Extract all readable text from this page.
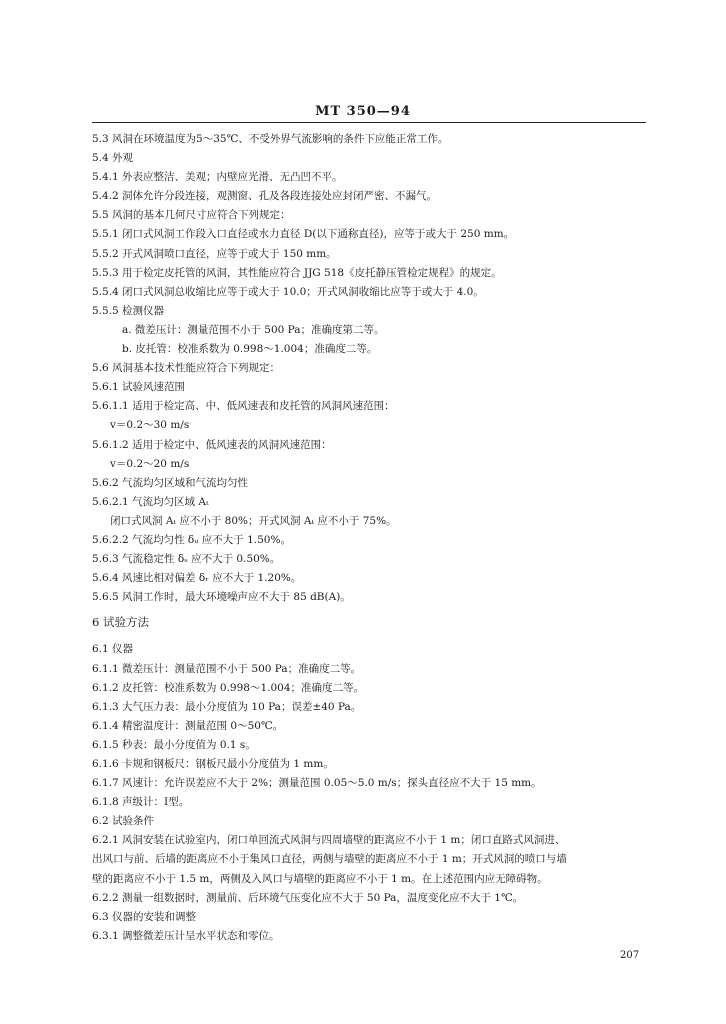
MT 350—94
5.3 风洞在环境温度为5～35℃、不受外界气流影响的条件下应能正常工作。
5.4 外观
5.4.1 外表应整洁、美观；内壁应光滑、无凸凹不平。
5.4.2 洞体允许分段连接，观测窗、孔及各段连接处应封闭严密、不漏气。
5.5 风洞的基本几何尺寸应符合下列规定：
5.5.1 闭口式风洞工作段入口直径或水力直径 D(以下通称直径)，应等于或大于 250 mm。
5.5.2 开式风洞喷口直径，应等于或大于 150 mm。
5.5.3 用于检定皮托管的风洞，其性能应符合 JJG 518《皮托静压管检定规程》的规定。
5.5.4 闭口式风洞总收缩比应等于或大于 10.0；开式风洞收缩比应等于或大于 4.0。
5.5.5 检测仪器
a. 微差压计：测量范围不小于 500 Pa；准确度第二等。
b. 皮托管：校准系数为 0.998～1.004；准确度二等。
5.6 风洞基本技术性能应符合下列规定：
5.6.1 试验风速范围
5.6.1.1 适用于检定高、中、低风速表和皮托管的风洞风速范围：
v＝0.2～30 m/s
5.6.1.2 适用于检定中、低风速表的风洞风速范围：
v＝0.2～20 m/s
5.6.2 气流均匀区域和气流均匀性
5.6.2.1 气流均匀区域 Aₜ
闭口式风洞 Aₜ 应不小于 80%；开式风洞 Aₜ 应不小于 75%。
5.6.2.2 气流均匀性 δᵤ 应不大于 1.50%。
5.6.3 气流稳定性 δₛ 应不大于 0.50%。
5.6.4 风速比相对偏差 δᵣ 应不大于 1.20%。
5.6.5 风洞工作时，最大环境噪声应不大于 85 dB(A)。
6 试验方法
6.1 仪器
6.1.1 微差压计：测量范围不小于 500 Pa；准确度二等。
6.1.2 皮托管：校准系数为 0.998～1.004；准确度二等。
6.1.3 大气压力表：最小分度值为 10 Pa；误差±40 Pa。
6.1.4 精密温度计：测量范围 0～50℃。
6.1.5 秒表：最小分度值为 0.1 s。
6.1.6 卡规和钢板尺：钢板尺最小分度值为 1 mm。
6.1.7 风速计：允许误差应不大于 2%；测量范围 0.05～5.0 m/s；探头直径应不大于 15 mm。
6.1.8 声级计：Ⅰ型。
6.2 试验条件
6.2.1 风洞安装在试验室内，闭口单回流式风洞与四周墙壁的距离应不小于 1 m；闭口直路式风洞进、
出风口与前、后墙的距离应不小于集风口直径，两侧与墙壁的距离应不小于 1 m；开式风洞的喷口与墙
壁的距离应不小于 1.5 m，两侧及入风口与墙壁的距离应不小于 1 m。在上述范围内应无障碍物。
6.2.2 测量一组数据时，测量前、后环境气压变化应不大于 50 Pa，温度变化应不大于 1℃。
6.3 仪器的安装和调整
6.3.1 调整微差压计呈水平状态和零位。
207
